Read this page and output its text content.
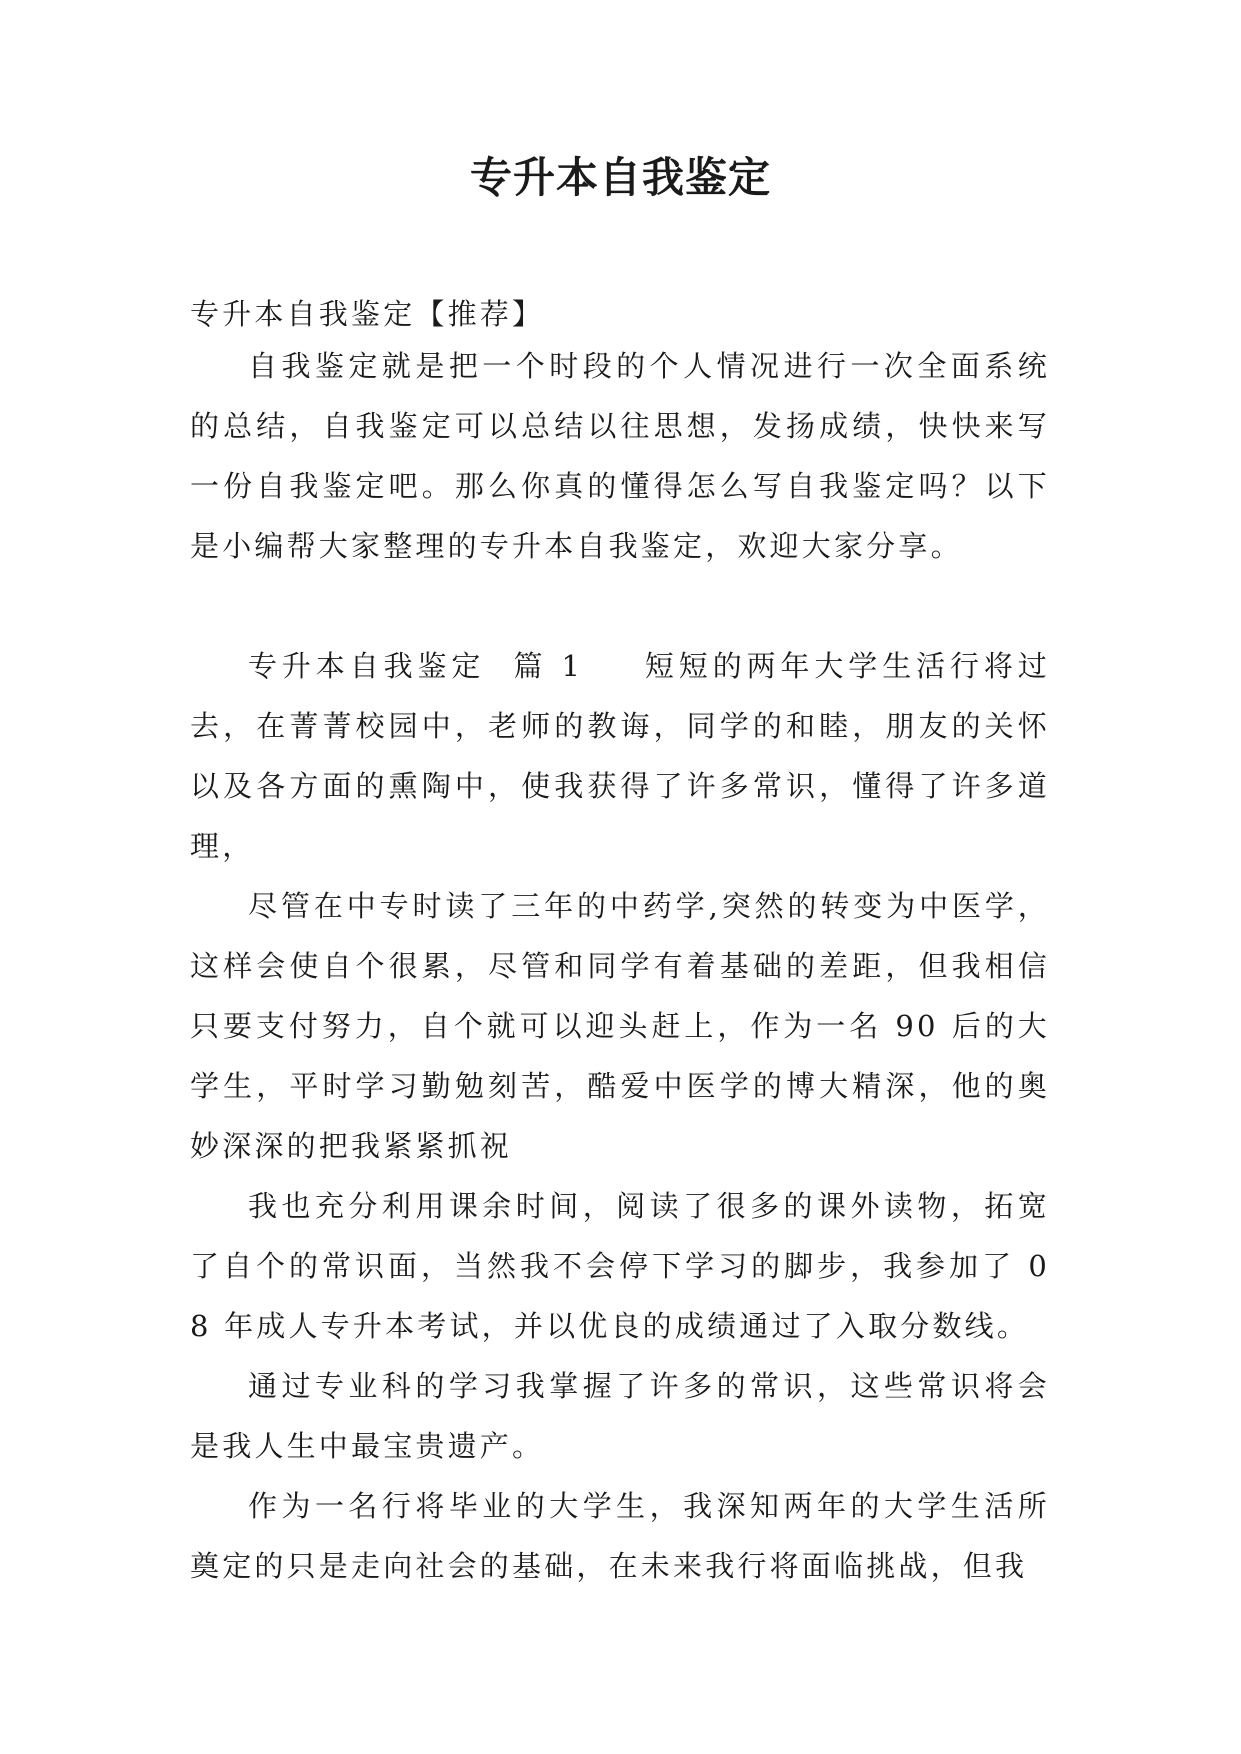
专升本自我鉴定

专升本自我鉴定【推荐】

自我鉴定就是把一个时段的个人情况进行一次全面系统的总结，自我鉴定可以总结以往思想，发扬成绩，快快来写一份自我鉴定吧。那么你真的懂得怎么写自我鉴定吗？以下是小编帮大家整理的专升本自我鉴定，欢迎大家分享。

专升本自我鉴定  篇 1 短短的两年大学生活行将过去，在菁菁校园中，老师的教诲，同学的和睦，朋友的关怀以及各方面的熏陶中，使我获得了许多常识，懂得了许多道理，

尽管在中专时读了三年的中药学,突然的转变为中医学，这样会使自个很累，尽管和同学有着基础的差距，但我相信只要支付努力，自个就可以迎头赶上，作为一名 90 后的大学生，平时学习勤勉刻苦，酷爱中医学的博大精深，他的奥妙深深的把我紧紧抓祝

我也充分利用课余时间，阅读了很多的课外读物，拓宽了自个的常识面，当然我不会停下学习的脚步，我参加了 08 年成人专升本考试，并以优良的成绩通过了入取分数线。

通过专业科的学习我掌握了许多的常识，这些常识将会是我人生中最宝贵遗产。

作为一名行将毕业的大学生，我深知两年的大学生活所奠定的只是走向社会的基础，在未来我行将面临挑战，但我
